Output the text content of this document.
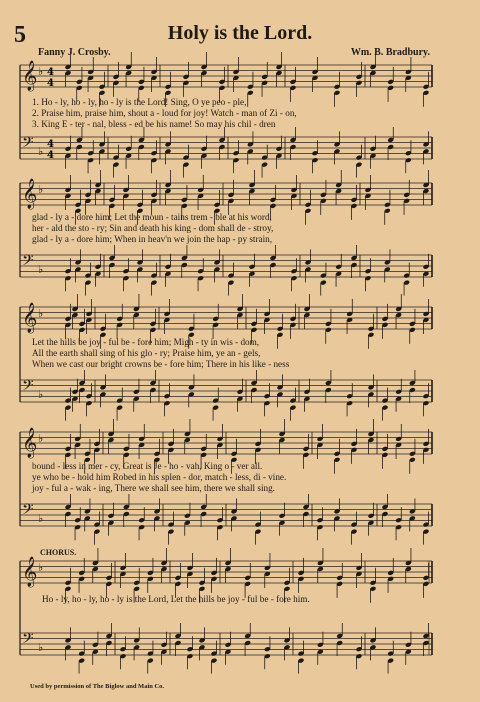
5	Holy is the Lord.
Fanny J. Crosby.	Wm. B. Bradbury.
CHORUS.
𝄞 ♭ 4
4
𝄢 ♭
4
4
𝄞 ♭
𝄢 ♭
𝄞 ♭
𝄢 ♭
𝄞 ♭
𝄢 ♭
𝄞 ♭
𝄢 ♭
1. Ho - ly, ho - ly, ho - ly is the Lord! Sing, O ye peo - ple,
2. Praise him, praise him, shout a - loud for joy! Watch - man of Zi - on,
3. King E - ter - nal, bless - ed be his name! So may his chil - dren
glad - ly a - dore him; Let the moun - tains trem - ble at his word,
her - ald the sto - ry; Sin and death his king - dom shall de - stroy,
glad - ly a - dore him; When in heav'n we join the hap - py strain,
Let the hills be joy - ful be - fore him; Migh - ty in wis - dom,
All the earth shall sing of his glo - ry; Praise him, ye an - gels,
When we cast our bright crowns be - fore him; There in his like - ness
bound - less in mer - cy, Great is Je - ho - vah, King o - ver all.
ye who be - hold him Robed in his splen - dor, match - less, di - vine.
joy - ful a - wak - ing, There we shall see him, there we shall sing.
Ho - ly, ho - ly, ho - ly is the Lord, Let the hills be joy - ful be - fore him.
Used by permission of The Biglow and Main Co.
